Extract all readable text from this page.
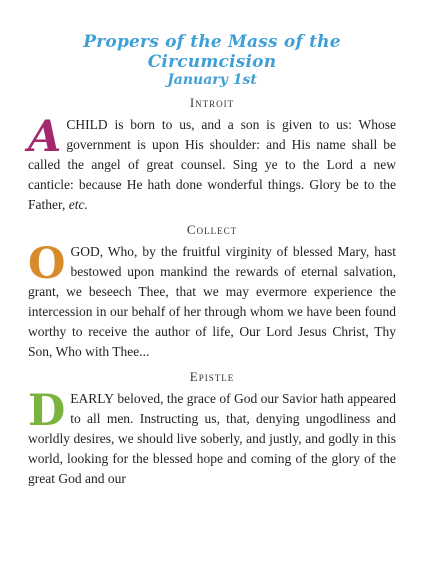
Propers of the Mass of the Circumcision
January 1st
Introit

ACHILD is born to us, and a son is given to us: Whose government is upon His shoulder: and His name shall be called the angel of great counsel. Sing ye to the Lord a new canticle: because He hath done wonderful things. Glory be to the Father, etc.

Collect

OGOD, Who, by the fruitful virginity of blessed Mary, hast bestowed upon mankind the rewards of eternal salvation, grant, we beseech Thee, that we may evermore experience the intercession in our behalf of her through whom we have been found worthy to receive the author of life, Our Lord Jesus Christ, Thy Son, Who with Thee...

Epistle

DEARLY beloved, the grace of God our Savior hath appeared to all men. Instructing us, that, denying ungodliness and worldly desires, we should live soberly, and justly, and godly in this world, looking for the blessed hope and coming of the glory of the great God and our
